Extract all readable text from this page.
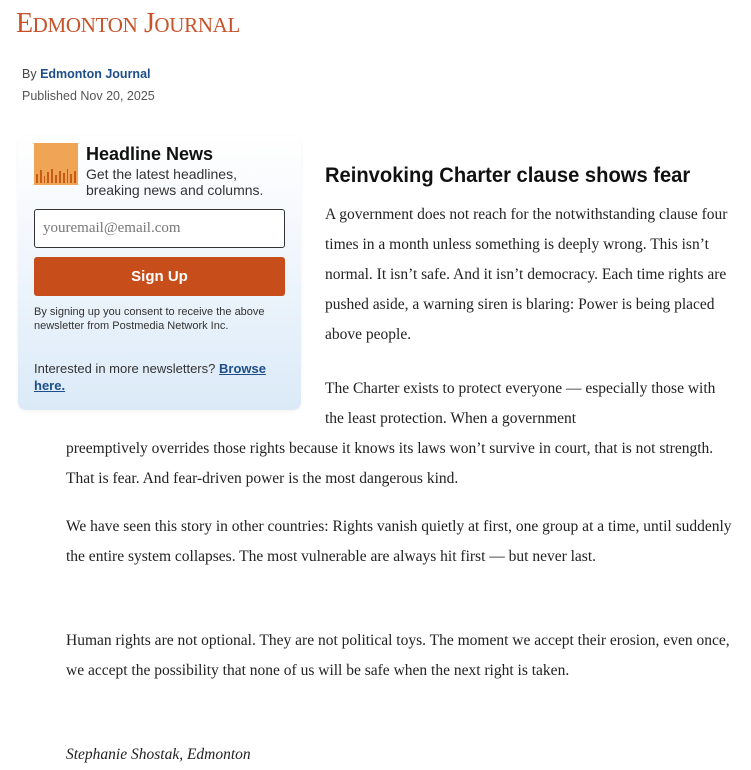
EDMONTON JOURNAL
By Edmonton Journal
Published Nov 20, 2025
Headline News
Get the latest headlines, breaking news and columns.
youremail@email.com
Sign Up
By signing up you consent to receive the above newsletter from Postmedia Network Inc.
Interested in more newsletters? Browse here.
Reinvoking Charter clause shows fear

A government does not reach for the notwithstanding clause four times in a month unless something is deeply wrong. This isn’t normal. It isn’t safe. And it isn’t democracy. Each time rights are pushed aside, a warning siren is blaring: Power is being placed above people.

The Charter exists to protect everyone — especially those with the least protection. When a government

preemptively overrides those rights because it knows its laws won’t survive in court, that is not strength. That is fear. And fear-driven power is the most dangerous kind.

We have seen this story in other countries: Rights vanish quietly at first, one group at a time, until suddenly the entire system collapses. The most vulnerable are always hit first — but never last.

Human rights are not optional. They are not political toys. The moment we accept their erosion, even once, we accept the possibility that none of us will be safe when the next right is taken.

Stephanie Shostak, Edmonton
